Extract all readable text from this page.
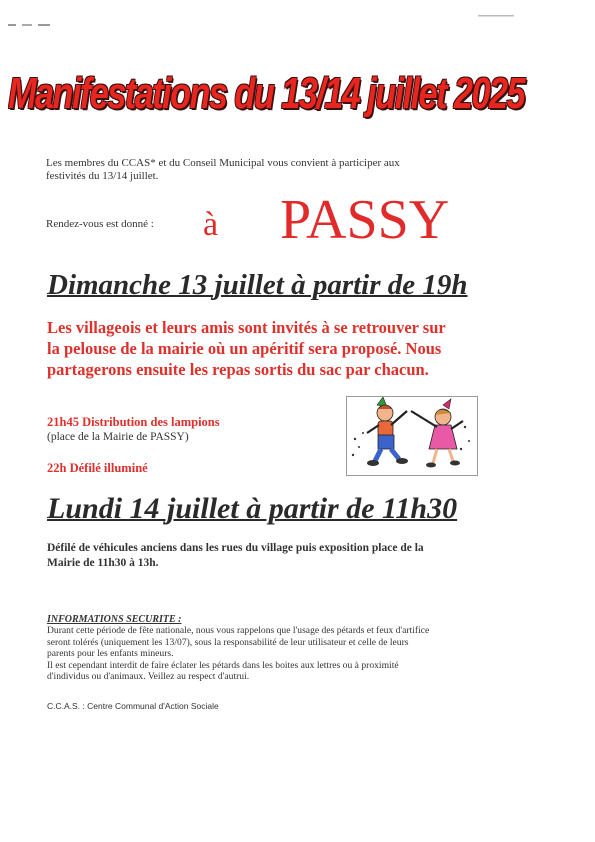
Manifestations du 13/14 juillet 2025
Les membres du CCAS* et du Conseil Municipal vous convient à participer aux
festivités du 13/14 juillet.
Rendez-vous est donné : à PASSY
Dimanche 13 juillet à partir de 19h
Les villageois et leurs amis sont invités à se retrouver sur
la pelouse de la mairie où un apéritif sera proposé. Nous
partagerons ensuite les repas sortis du sac par chacun.
21h45 Distribution des lampions
(place de la Mairie de PASSY)
22h Défilé illuminé
Lundi 14 juillet à partir de 11h30
Défilé de véhicules anciens dans les rues du village puis exposition place de la
Mairie de 11h30 à 13h.
INFORMATIONS SECURITE :
Durant cette période de fête nationale, nous vous rappelons que l'usage des pétards et feux d'artifice
seront tolérés (uniquement les 13/07), sous la responsabilité de leur utilisateur et celle de leurs
parents pour les enfants mineurs.
Il est cependant interdit de faire éclater les pétards dans les boites aux lettres ou à proximité
d'individus ou d'animaux. Veillez au respect d'autrui.
C.C.A.S. : Centre Communal d'Action Sociale
